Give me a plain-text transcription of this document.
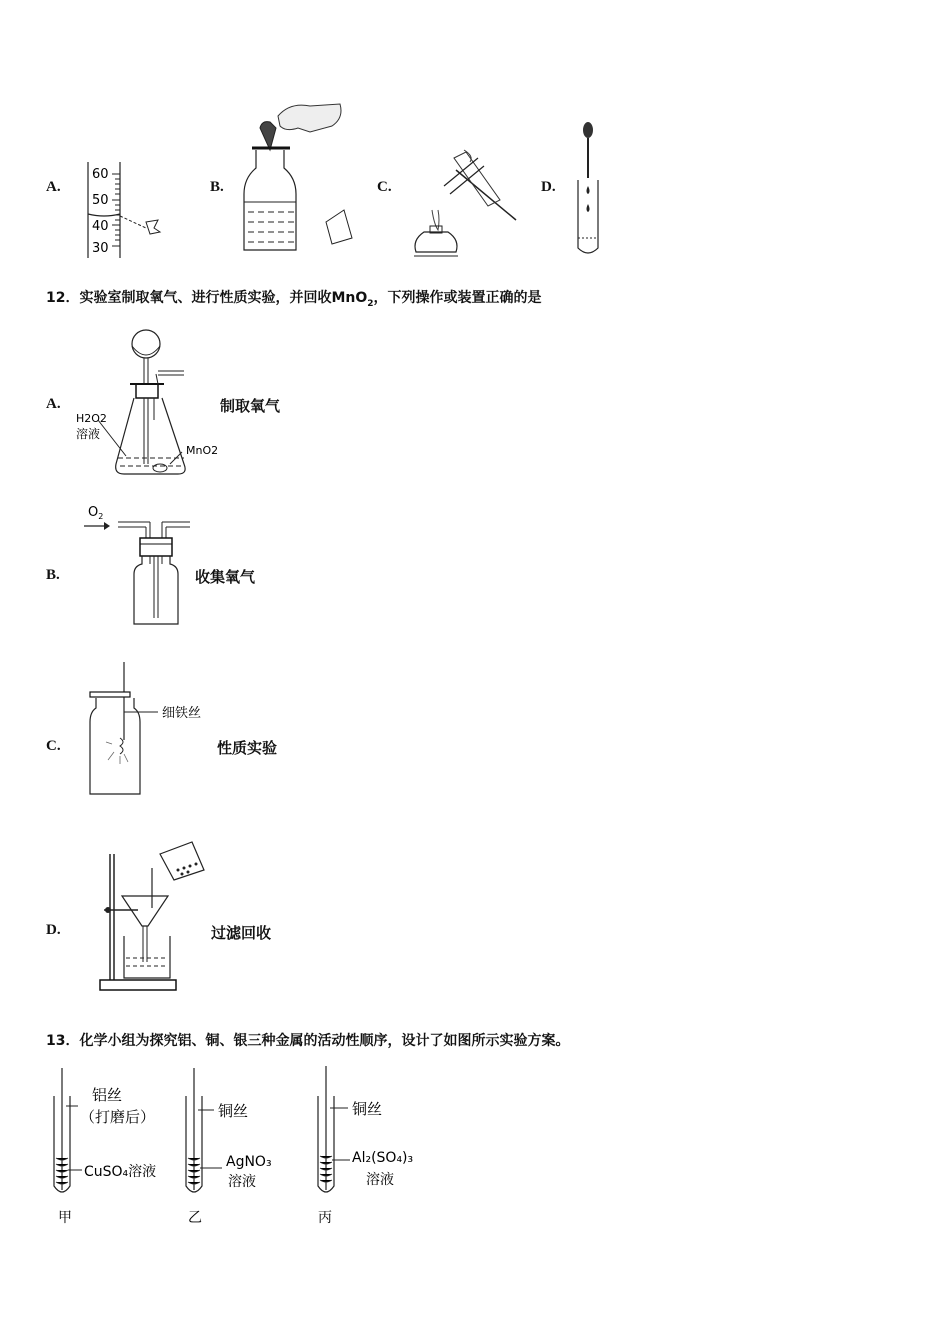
A.	B.	C.	D.
60
50
40
30
12．实验室制取氧气、进行性质实验，并回收MnO$_2$，下列操作或装置正确的是
A.	制取氧气
H2O2
溶液
MnO2
B.	收集氧气
$O_2$
C.	性质实验
细铁丝
D.	过滤回收
13．化学小组为探究铝、铜、银三种金属的活动性顺序，设计了如图所示实验方案。
铝丝
（打磨后）
CuSO₄溶液
甲
铜丝
AgNO₃
溶液
乙
铜丝
Al₂(SO₄)₃
溶液
丙
